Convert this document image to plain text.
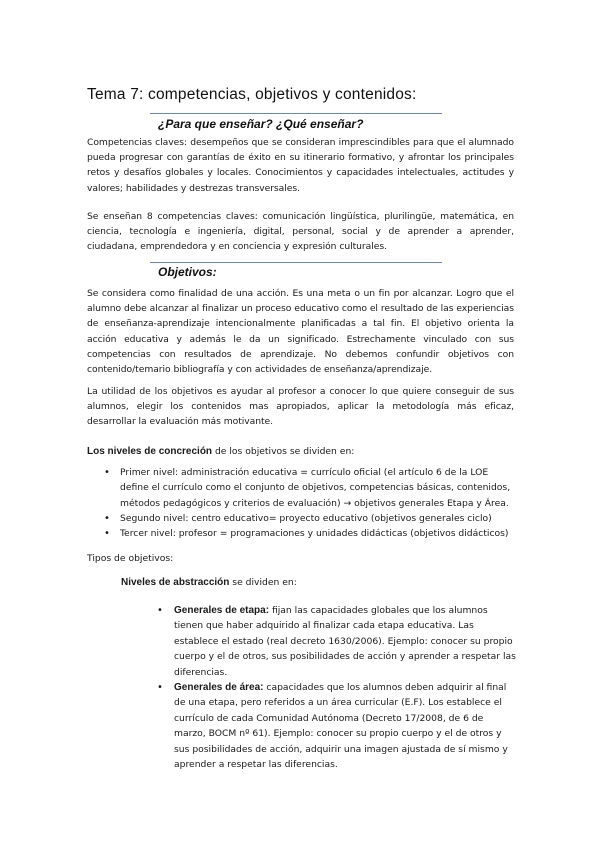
Tema 7: competencias, objetivos y contenidos:
¿Para que enseñar? ¿Qué enseñar?
Competencias claves: desempeños que se consideran imprescindibles para que el alumnado pueda progresar con garantías de éxito en su itinerario formativo, y afrontar los principales retos y desafíos globales y locales. Conocimientos y capacidades intelectuales, actitudes y valores; habilidades y destrezas transversales.
Se enseñan 8 competencias claves: comunicación lingüística, plurilingüe, matemática, en ciencia, tecnología e ingeniería, digital, personal, social y de aprender a aprender, ciudadana, emprendedora y en conciencia y expresión culturales.
Objetivos:
Se considera como finalidad de una acción. Es una meta o un fin por alcanzar. Logro que el alumno debe alcanzar al finalizar un proceso educativo como el resultado de las experiencias de enseñanza-aprendizaje intencionalmente planificadas a tal fin. El objetivo orienta la acción educativa y además le da un significado. Estrechamente vinculado con sus competencias con resultados de aprendizaje. No debemos confundir objetivos con contenido/temario bibliografía y con actividades de enseñanza/aprendizaje.
La utilidad de los objetivos es ayudar al profesor a conocer lo que quiere conseguir de sus alumnos, elegir los contenidos mas apropiados, aplicar la metodología más eficaz, desarrollar la evaluación más motivante.
Los niveles de concreción de los objetivos se dividen en:
• Primer nivel: administración educativa = currículo oficial (el artículo 6 de la LOE define el currículo como el conjunto de objetivos, competencias básicas, contenidos, métodos pedagógicos y criterios de evaluación) → objetivos generales Etapa y Área.
• Segundo nivel: centro educativo= proyecto educativo (objetivos generales ciclo)
• Tercer nivel: profesor = programaciones y unidades didácticas (objetivos didácticos)
Tipos de objetivos:
Niveles de abstracción se dividen en:
• Generales de etapa: fijan las capacidades globales que los alumnos tienen que haber adquirido al finalizar cada etapa educativa. Las establece el estado (real decreto 1630/2006). Ejemplo: conocer su propio cuerpo y el de otros, sus posibilidades de acción y aprender a respetar las diferencias.
• Generales de área: capacidades que los alumnos deben adquirir al final de una etapa, pero referidos a un área curricular (E.F). Los establece el currículo de cada Comunidad Autónoma (Decreto 17/2008, de 6 de marzo, BOCM nº 61). Ejemplo: conocer su propio cuerpo y el de otros y sus posibilidades de acción, adquirir una imagen ajustada de sí mismo y aprender a respetar las diferencias.
